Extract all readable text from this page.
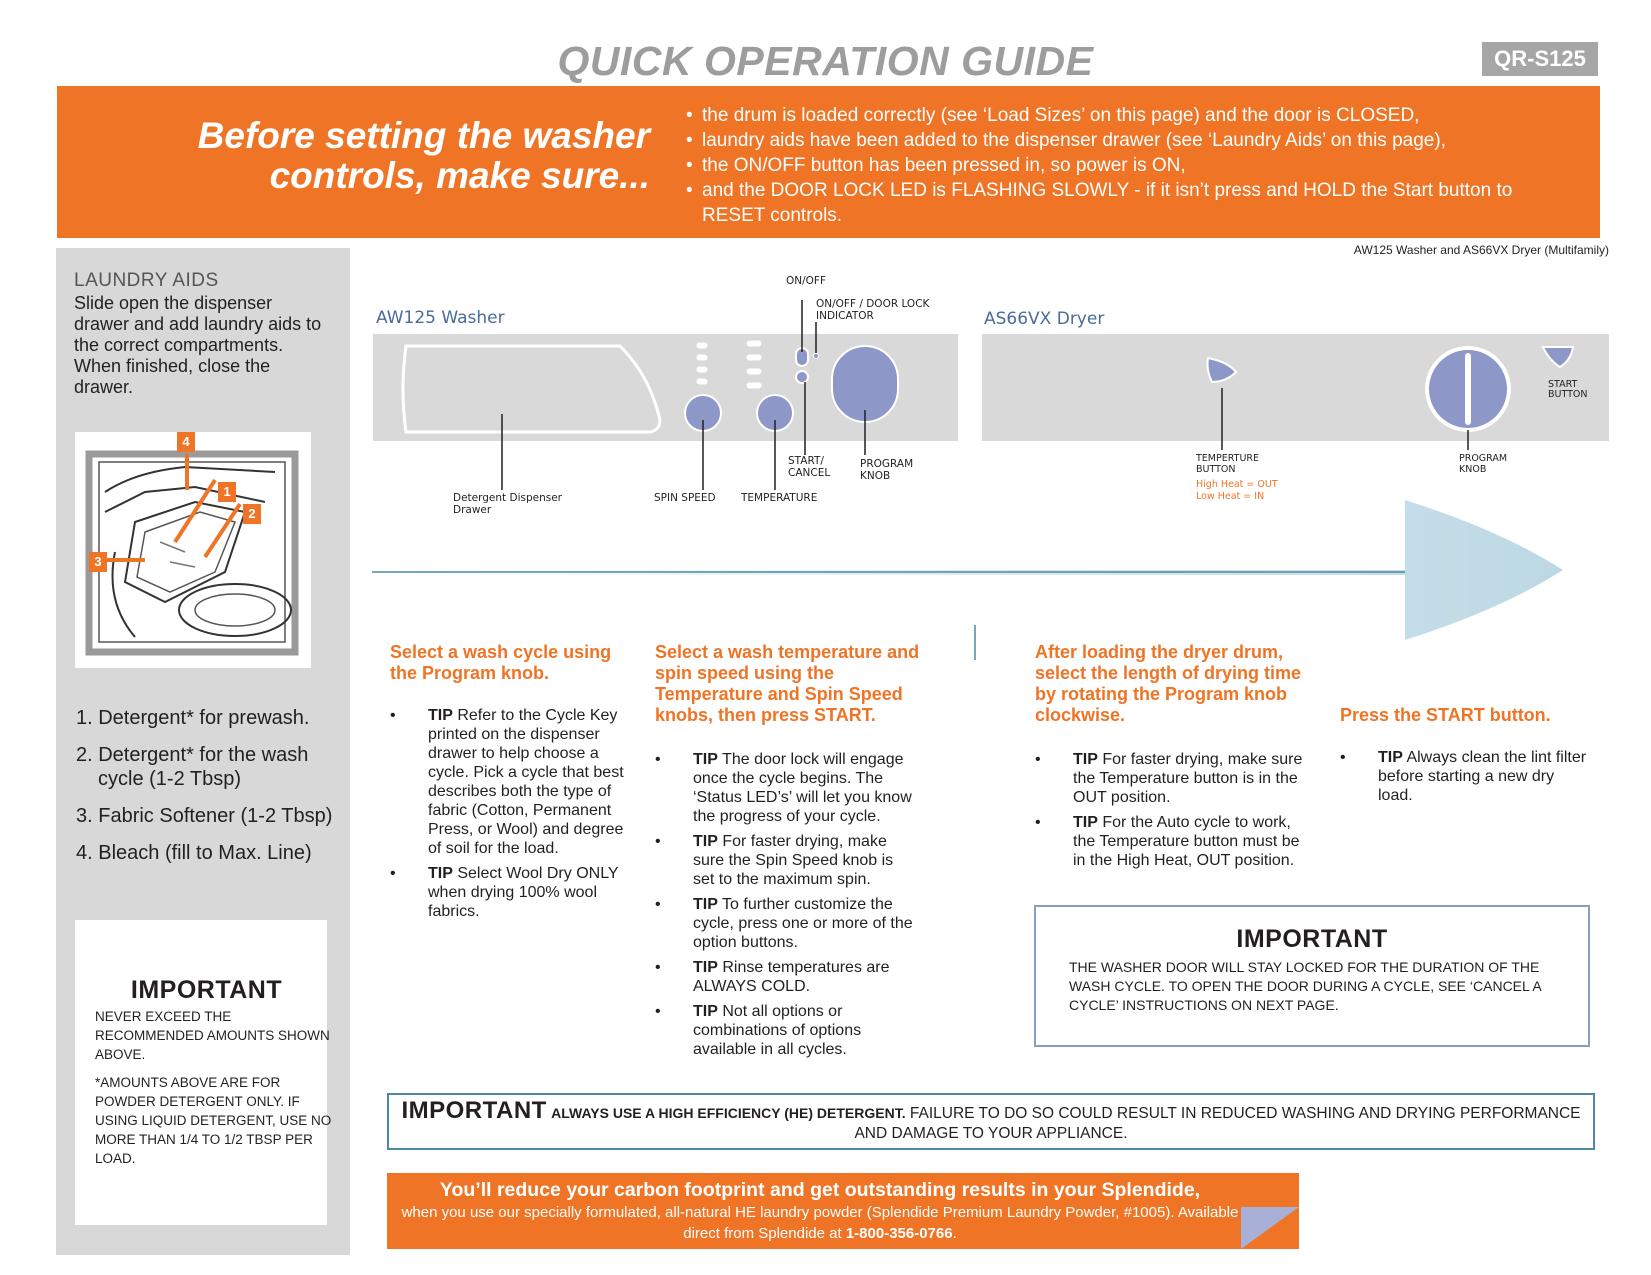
QUICK OPERATION GUIDE	QR-S125
Before setting the washer
controls, make sure...
• the drum is loaded correctly (see ‘Load Sizes’ on this page) and the door is CLOSED,
• laundry aids have been added to the dispenser drawer (see ‘Laundry Aids’ on this page),
• the ON/OFF button has been pressed in, so power is ON,
• and the DOOR LOCK LED is FLASHING SLOWLY - if it isn’t press and HOLD the Start button to RESET controls.
AW125 Washer and AS66VX Dryer (Multifamily)
LAUNDRY AIDS
Slide open the dispenser drawer and add laundry aids to the correct compartments. When finished, close the drawer.
4
1
2
3
1. Detergent* for prewash.
2. Detergent* for the wash cycle (1-2 Tbsp)
3. Fabric Softener (1-2 Tbsp)
4. Bleach (fill to Max. Line)
IMPORTANT

NEVER EXCEED THE RECOMMENDED AMOUNTS SHOWN ABOVE.

*AMOUNTS ABOVE ARE FOR POWDER DETERGENT ONLY. IF USING LIQUID DETERGENT, USE NO MORE THAN 1/4 TO 1/2 TBSP PER LOAD.

AW125 Washer	AS66VX Dryer
ON/OFF
ON/OFF / DOOR LOCK
INDICATOR
Detergent Dispenser
Drawer
SPIN SPEED TEMPERATURE
START/
CANCEL
PROGRAM
KNOB
TEMPERTURE
BUTTON
High Heat = OUT
Low Heat = IN
PROGRAM
KNOB
START
BUTTON
Select a wash cycle using the Program knob.
• TIP Refer to the Cycle Key printed on the dispenser drawer to help choose a cycle. Pick a cycle that best describes both the type of fabric (Cotton, Permanent Press, or Wool) and degree of soil for the load.
• TIP Select Wool Dry ONLY when drying 100% wool fabrics.
Select a wash temperature and spin speed using the Temperature and Spin Speed knobs, then press START.
• TIP The door lock will engage once the cycle begins. The ‘Status LED’s’ will let you know the progress of your cycle.
• TIP For faster drying, make sure the Spin Speed knob is set to the maximum spin.
• TIP To further customize the cycle, press one or more of the option buttons.
• TIP Rinse temperatures are ALWAYS COLD.
• TIP Not all options or combinations of options available in all cycles.
After loading the dryer drum, select the length of drying time by rotating the Program knob clockwise.
• TIP For faster drying, make sure the Temperature button is in the OUT position.
• TIP For the Auto cycle to work, the Temperature button must be in the High Heat, OUT position.
Press the START button.
• TIP Always clean the lint filter before starting a new dry load.
IMPORTANT
THE WASHER DOOR WILL STAY LOCKED FOR THE DURATION OF THE WASH CYCLE. TO OPEN THE DOOR DURING A CYCLE, SEE ‘CANCEL A CYCLE’ INSTRUCTIONS ON NEXT PAGE.
IMPORTANT ALWAYS USE A HIGH EFFICIENCY (HE) DETERGENT. FAILURE TO DO SO COULD RESULT IN REDUCED WASHING AND DRYING PERFORMANCE AND DAMAGE TO YOUR APPLIANCE.
You’ll reduce your carbon footprint and get outstanding results in your Splendide,
when you use our specially formulated, all-natural HE laundry powder (Splendide Premium Laundry Powder, #1005). Available direct from Splendide at 1-800-356-0766.
